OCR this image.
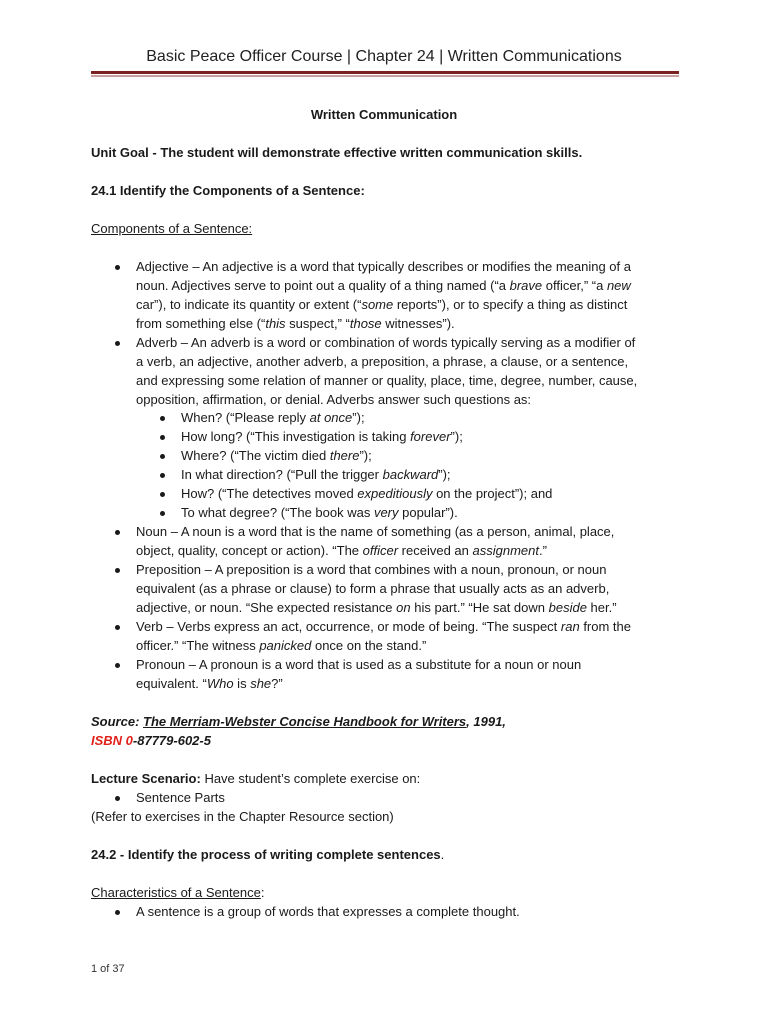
Basic Peace Officer Course | Chapter 24 | Written Communications
Written Communication
Unit Goal - The student will demonstrate effective written communication skills.
24.1 Identify the Components of a Sentence:
Components of a Sentence:
Adjective – An adjective is a word that typically describes or modifies the meaning of a
noun. Adjectives serve to point out a quality of a thing named (“a brave officer,” “a new
car”), to indicate its quantity or extent (“some reports”), or to specify a thing as distinct
from something else (“this suspect,” “those witnesses”).
Adverb – An adverb is a word or combination of words typically serving as a modifier of
a verb, an adjective, another adverb, a preposition, a phrase, a clause, or a sentence,
and expressing some relation of manner or quality, place, time, degree, number, cause,
opposition, affirmation, or denial. Adverbs answer such questions as:
When? (“Please reply at once”);
How long? (“This investigation is taking forever”);
Where? (“The victim died there”);
In what direction? (“Pull the trigger backward”);
How? (“The detectives moved expeditiously on the project”); and
To what degree? (“The book was very popular”).
Noun – A noun is a word that is the name of something (as a person, animal, place,
object, quality, concept or action). “The officer received an assignment.”
Preposition – A preposition is a word that combines with a noun, pronoun, or noun
equivalent (as a phrase or clause) to form a phrase that usually acts as an adverb,
adjective, or noun. “She expected resistance on his part.” “He sat down beside her.”
Verb – Verbs express an act, occurrence, or mode of being. “The suspect ran from the
officer.” “The witness panicked once on the stand.”
Pronoun – A pronoun is a word that is used as a substitute for a noun or noun
equivalent. “Who is she?”
Source: The Merriam-Webster Concise Handbook for Writers, 1991,
ISBN 0-87779-602-5
Lecture Scenario: Have student’s complete exercise on:
Sentence Parts
(Refer to exercises in the Chapter Resource section)
24.2 - Identify the process of writing complete sentences.
Characteristics of a Sentence:
A sentence is a group of words that expresses a complete thought.
1 of 37
